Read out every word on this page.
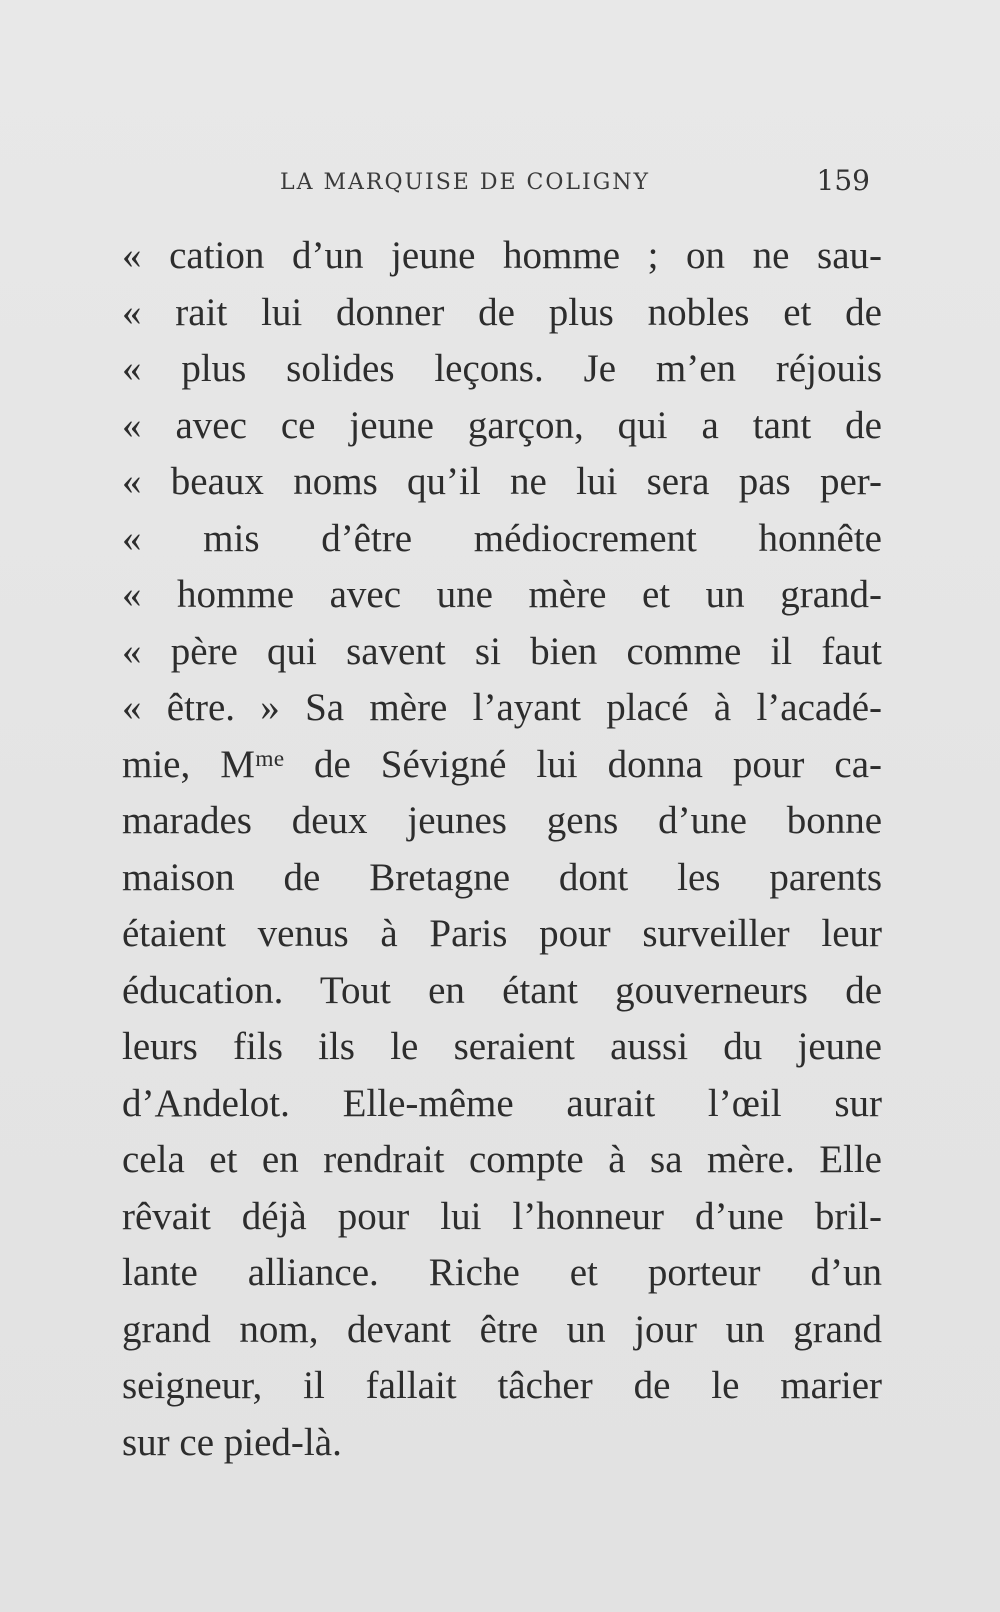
LA MARQUISE DE COLIGNY	159
« cation d’un jeune homme ; on ne sau-
« rait lui donner de plus nobles et de
« plus solides leçons. Je m’en réjouis
« avec ce jeune garçon, qui a tant de
« beaux noms qu’il ne lui sera pas per-
« mis d’être médiocrement honnête
« homme avec une mère et un grand-
« père qui savent si bien comme il faut
« être. » Sa mère l’ayant placé à l’acadé-
mie, Mᵐᵉ de Sévigné lui donna pour ca-
marades deux jeunes gens d’une bonne
maison de Bretagne dont les parents
étaient venus à Paris pour surveiller leur
éducation. Tout en étant gouverneurs de
leurs fils ils le seraient aussi du jeune
d’Andelot. Elle-même aurait l’œil sur
cela et en rendrait compte à sa mère. Elle
rêvait déjà pour lui l’honneur d’une bril-
lante alliance. Riche et porteur d’un
grand nom, devant être un jour un grand
seigneur, il fallait tâcher de le marier
sur ce pied-là.
